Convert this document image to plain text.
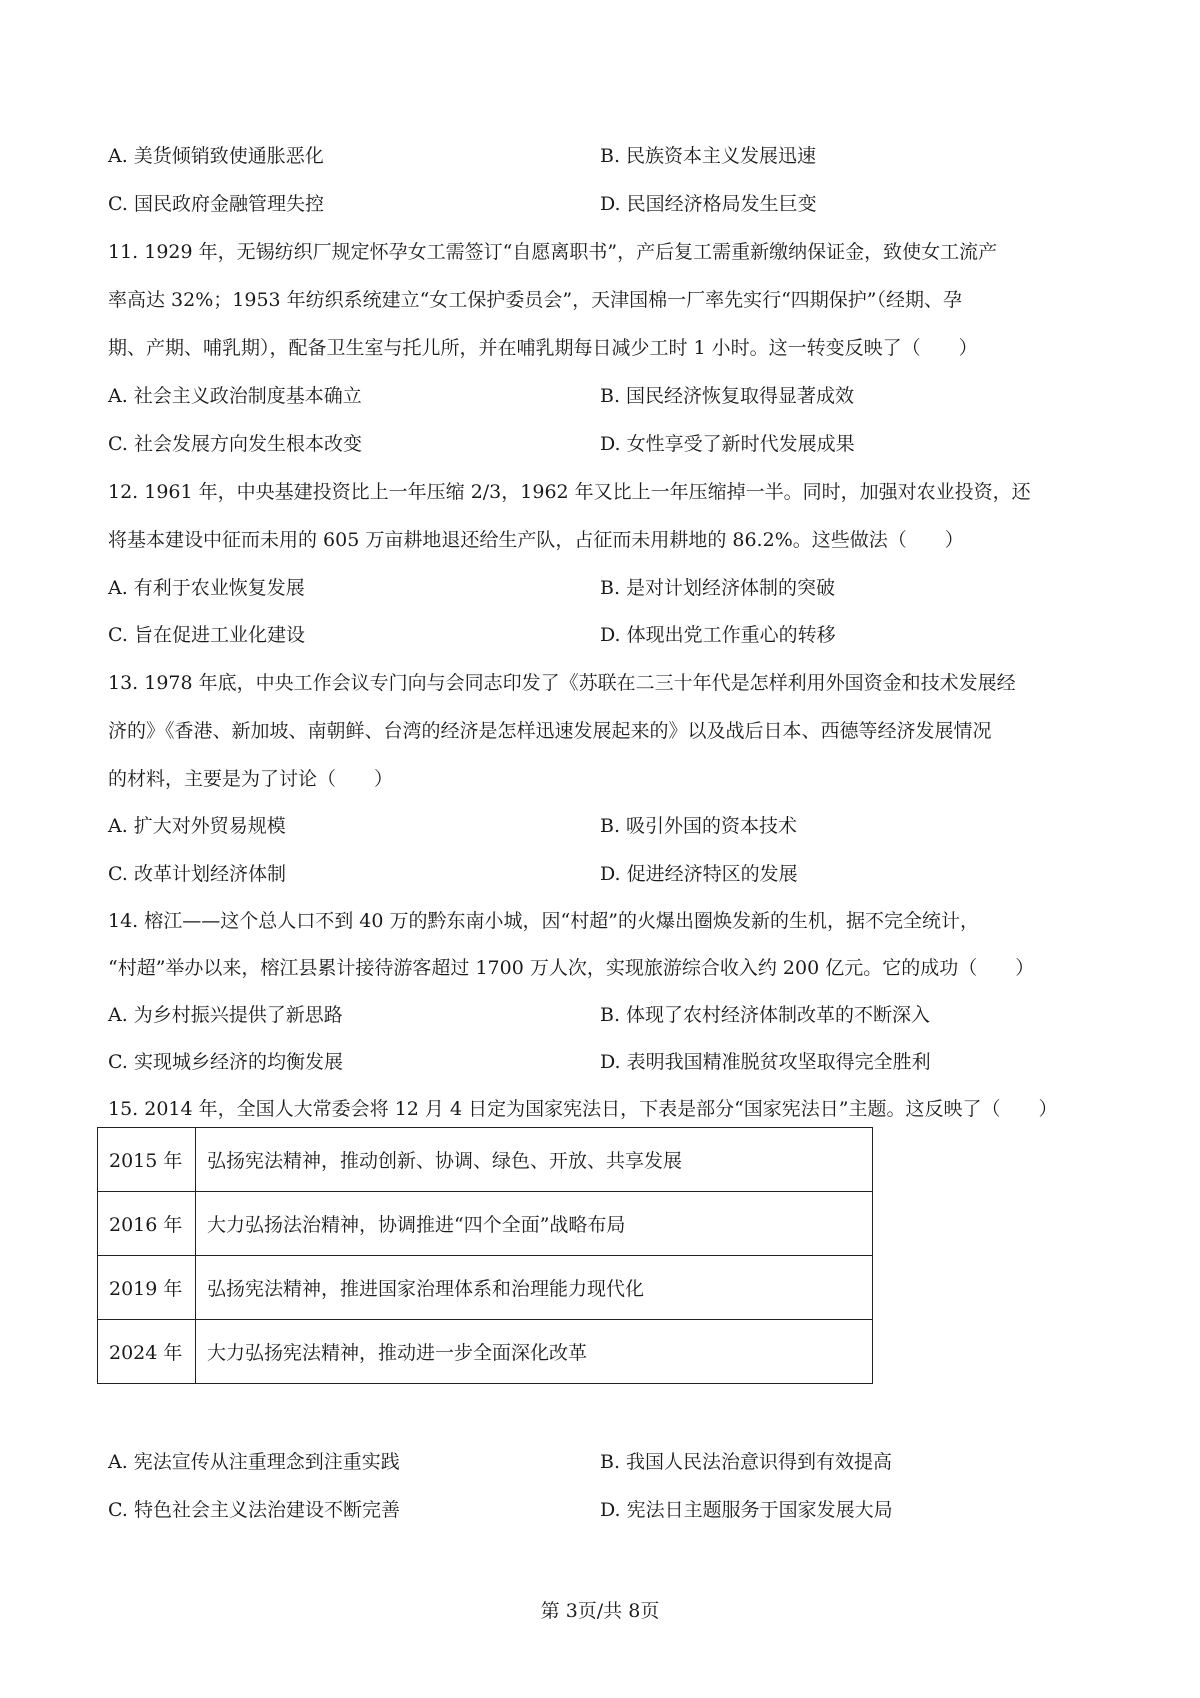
A. 美货倾销致使通胀恶化	B. 民族资本主义发展迅速
C. 国民政府金融管理失控	D. 民国经济格局发生巨变
11. 1929 年，无锡纺织厂规定怀孕女工需签订“自愿离职书”，产后复工需重新缴纳保证金，致使女工流产
率高达 32%；1953 年纺织系统建立“女工保护委员会”，天津国棉一厂率先实行“四期保护”（经期、孕
期、产期、哺乳期），配备卫生室与托儿所，并在哺乳期每日减少工时 1 小时。这一转变反映了（　　）
A. 社会主义政治制度基本确立	B. 国民经济恢复取得显著成效
C. 社会发展方向发生根本改变	D. 女性享受了新时代发展成果
12. 1961 年，中央基建投资比上一年压缩 2/3，1962 年又比上一年压缩掉一半。同时，加强对农业投资，还
将基本建设中征而未用的 605 万亩耕地退还给生产队，占征而未用耕地的 86.2%。这些做法（　　）
A. 有利于农业恢复发展	B. 是对计划经济体制的突破
C. 旨在促进工业化建设	D. 体现出党工作重心的转移
13. 1978 年底，中央工作会议专门向与会同志印发了《苏联在二三十年代是怎样利用外国资金和技术发展经
济的》《香港、新加坡、南朝鲜、台湾的经济是怎样迅速发展起来的》以及战后日本、西德等经济发展情况
的材料，主要是为了讨论（　　）
A. 扩大对外贸易规模	B. 吸引外国的资本技术
C. 改革计划经济体制	D. 促进经济特区的发展
14. 榕江——这个总人口不到 40 万的黔东南小城，因“村超”的火爆出圈焕发新的生机，据不完全统计，
“村超”举办以来，榕江县累计接待游客超过 1700 万人次，实现旅游综合收入约 200 亿元。它的成功（　　）
A. 为乡村振兴提供了新思路	B. 体现了农村经济体制改革的不断深入
C. 实现城乡经济的均衡发展	D. 表明我国精准脱贫攻坚取得完全胜利
15. 2014 年，全国人大常委会将 12 月 4 日定为国家宪法日，下表是部分“国家宪法日”主题。这反映了（　　）
2015 年	弘扬宪法精神，推动创新、协调、绿色、开放、共享发展
2016 年	大力弘扬法治精神，协调推进“四个全面”战略布局
2019 年	弘扬宪法精神，推进国家治理体系和治理能力现代化
2024 年	大力弘扬宪法精神，推动进一步全面深化改革
A. 宪法宣传从注重理念到注重实践	B. 我国人民法治意识得到有效提高
C. 特色社会主义法治建设不断完善	D. 宪法日主题服务于国家发展大局
第 3页/共 8页
